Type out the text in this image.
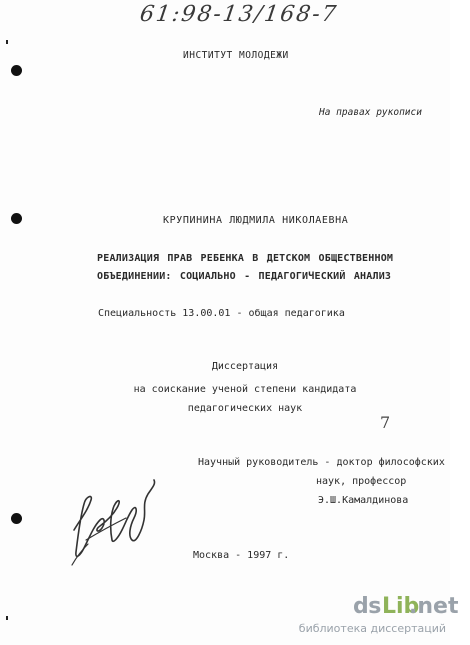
61:98-13/168-7
ИНСТИТУТ МОЛОДЕЖИ
На правах рукописи
КРУПИНИНА ЛЮДМИЛА НИКОЛАЕВНА
РЕАЛИЗАЦИЯ ПРАВ РЕБЕНКА В ДЕТСКОМ ОБЩЕСТВЕННОМ
ОБЪЕДИНЕНИИ: СОЦИАЛЬНО - ПЕДАГОГИЧЕСКИЙ АНАЛИЗ
Специальность 13.00.01 - общая педагогика
Диссертация
на соискание ученой степени кандидата
педагогических наук
7
Научный руководитель - доктор философских
наук, профессор
Э.Ш.Камалдинова
Москва - 1997 г.
ds Lib
.net
библиотека диссертаций
